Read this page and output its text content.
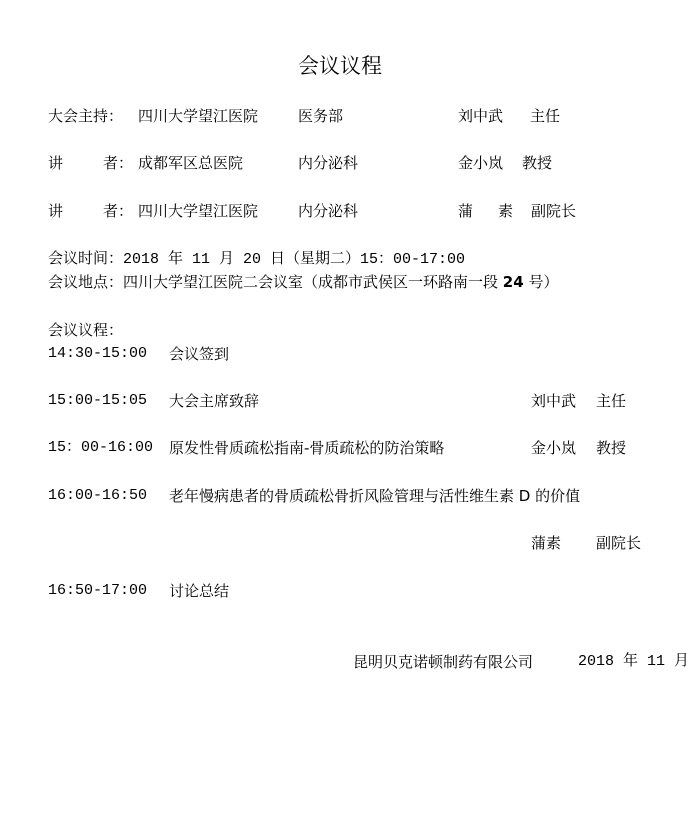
会议议程
大会主持： 四川大学望江医院	医务部	刘中武 主任
讲	者： 成都军区总医院	内分泌科	金小岚 教授
讲	者： 四川大学望江医院	内分泌科	蒲 素 副院长
会议时间：2018 年 11 月 20 日（星期二）15：00-17:00
会议地点：四川大学望江医院二会议室（成都市武侯区一环路南一段 24 号）
会议议程：
14:30-15:00 会议签到
15:00-15:05 大会主席致辞	刘中武 主任
15：00-16:00 原发性骨质疏松指南-骨质疏松的防治策略	金小岚 教授
16:00-16:50 老年慢病患者的骨质疏松骨折风险管理与活性维生素 D 的价值
蒲素 副院长
16:50-17:00 讨论总结
昆明贝克诺顿制药有限公司	2018 年 11 月
